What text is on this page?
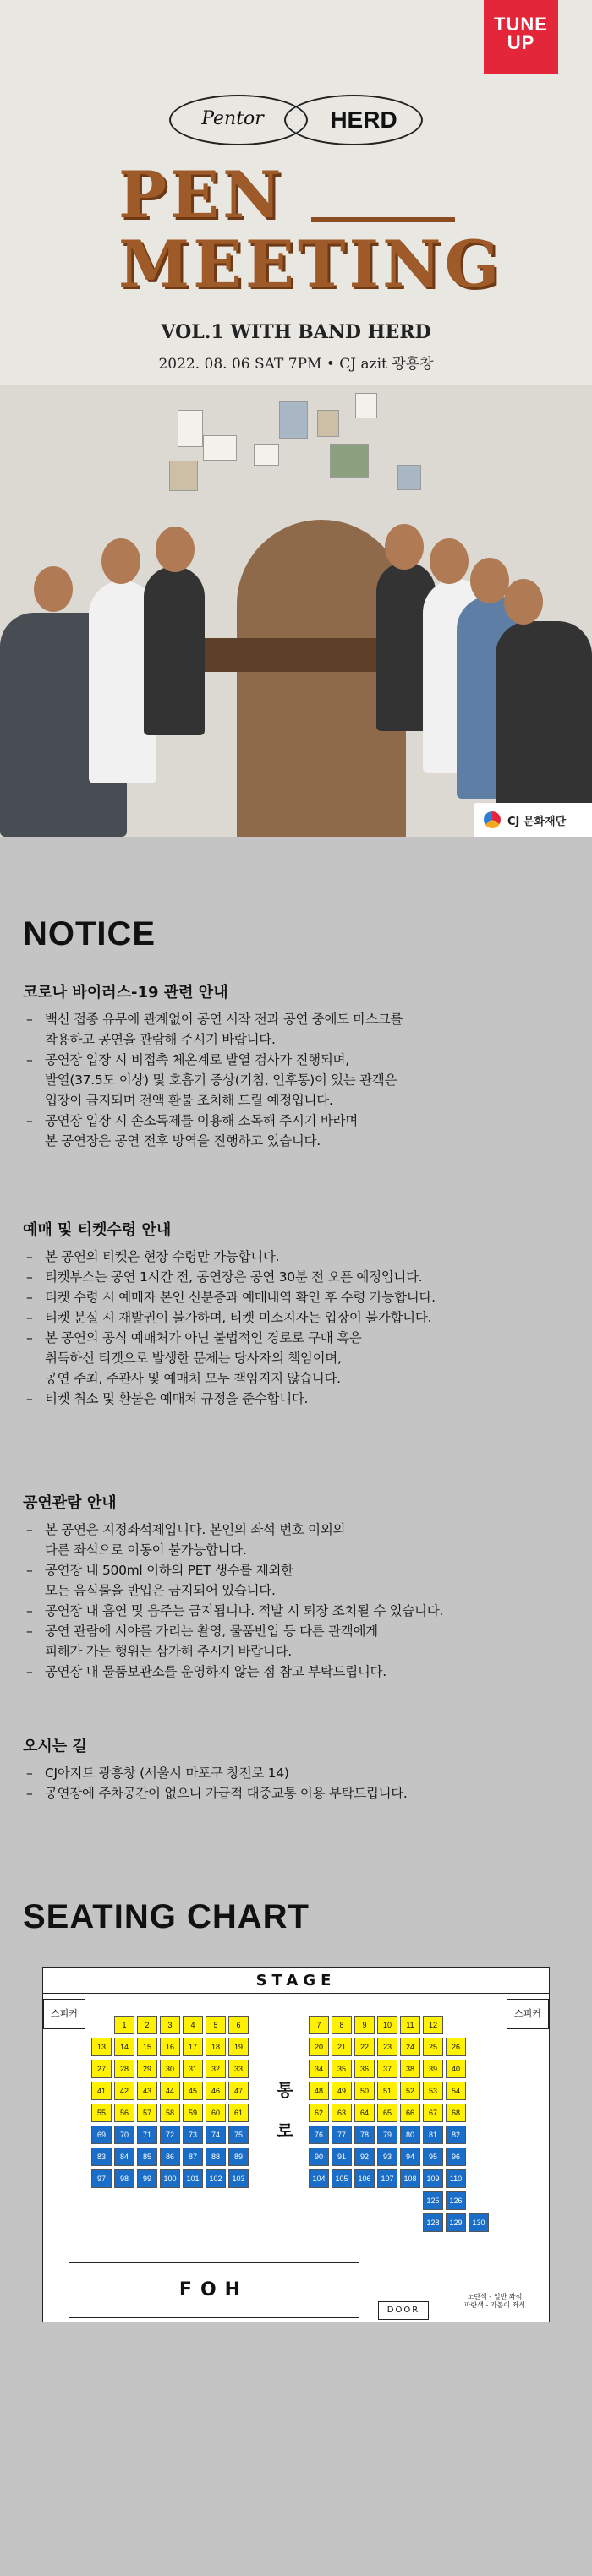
TUNE UP
Pentor	HERD
PEN
MEETING
VOL.1 WITH BAND HERD
2022. 08. 06 SAT 7PM • CJ azit 광흥창
CJ 문화재단
NOTICE
코로나 바이러스-19 관련 안내
– 백신 접종 유무에 관계없이 공연 시작 전과 공연 중에도 마스크를
착용하고 공연을 관람해 주시기 바랍니다.
– 공연장 입장 시 비접촉 체온계로 발열 검사가 진행되며,
발열(37.5도 이상) 및 호흡기 증상(기침, 인후통)이 있는 관객은
입장이 금지되며 전액 환불 조치해 드릴 예정입니다.
– 공연장 입장 시 손소독제를 이용해 소독해 주시기 바라며
본 공연장은 공연 전후 방역을 진행하고 있습니다.
예매 및 티켓수령 안내
– 본 공연의 티켓은 현장 수령만 가능합니다.
– 티켓부스는 공연 1시간 전, 공연장은 공연 30분 전 오픈 예정입니다.
– 티켓 수령 시 예매자 본인 신분증과 예매내역 확인 후 수령 가능합니다.
– 티켓 분실 시 재발권이 불가하며, 티켓 미소지자는 입장이 불가합니다.
– 본 공연의 공식 예매처가 아닌 불법적인 경로로 구매 혹은
취득하신 티켓으로 발생한 문제는 당사자의 책임이며,
공연 주최, 주관사 및 예매처 모두 책임지지 않습니다.
– 티켓 취소 및 환불은 예매처 규정을 준수합니다.
공연관람 안내
– 본 공연은 지정좌석제입니다. 본인의 좌석 번호 이외의
다른 좌석으로 이동이 불가능합니다.
– 공연장 내 500ml 이하의 PET 생수를 제외한
모든 음식물을 반입은 금지되어 있습니다.
– 공연장 내 흡연 및 음주는 금지됩니다. 적발 시 퇴장 조치될 수 있습니다.
– 공연 관람에 시야를 가리는 촬영, 물품반입 등 다른 관객에게
피해가 가는 행위는 삼가해 주시기 바랍니다.
– 공연장 내 물품보관소를 운영하지 않는 점 참고 부탁드립니다.
오시는 길
– CJ아지트 광흥창 (서울시 마포구 창전로 14)
– 공연장에 주차공간이 없으니 가급적 대중교통 이용 부탁드립니다.
SEATING CHART
STAGE
스피커	스피커
1	2	3	4	5	6	7	8	9	10	11	12
13	14	15	16	17	18	19	20	21	22	23	24	25	26
27	28	29	30	31	32	33	34	35	36	37	38	39	40
41	42	43	44	45	46	47	48	49	50	51	52	53	54
55	56	57	58	59	60	61	62	63	64	65	66	67	68
69	70	71	72	73	74	75	76	77	78	79	80	81	82
83	84	85	86	87	88	89	90	91	92	93	94	95	96
97	98	99	100	101	102	103	104	105	106	107	108	109	110
125	126
128	129	130
통로
FOH
DOOR
노란색 - 일반 좌석
파란색 - 가볼이 좌석
